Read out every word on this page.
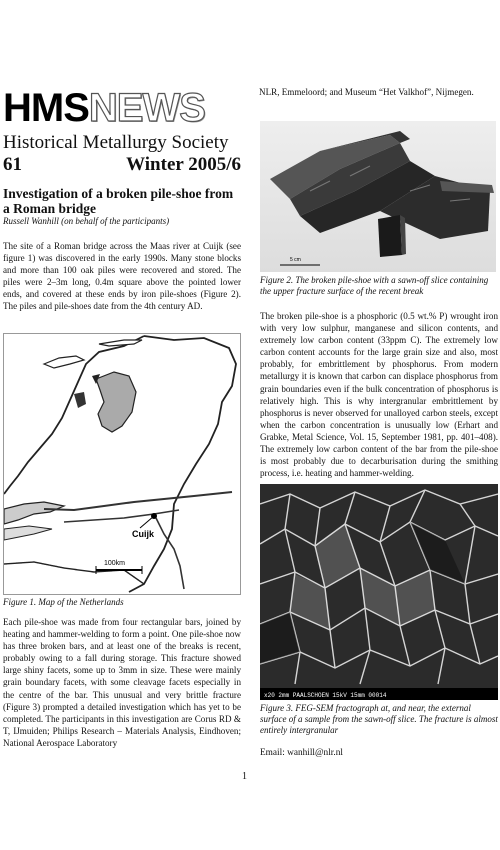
HMSNEWS
Historical Metallurgy Society
61	Winter 2005/6
Investigation of a broken pile-shoe from a Roman bridge
Russell Wanhill (on behalf of the participants)
The site of a Roman bridge across the Maas river at Cuijk (see figure 1) was discovered in the early 1990s. Many stone blocks and more than 100 oak piles were recovered and stored. The piles were 2–3m long, 0.4m square above the pointed lower ends, and covered at these ends by iron pile-shoes (Figure 2). The piles and pile-shoes date from the 4th century AD.
Cuijk
100km
Figure 1. Map of the Netherlands
Each pile-shoe was made from four rectangular bars, joined by heating and hammer-welding to form a point. One pile-shoe now has three broken bars, and at least one of the breaks is recent, probably owing to a fall during storage. This fracture showed large shiny facets, some up to 3mm in size. These were mainly grain boundary facets, with some cleavage facets especially in the centre of the bar. This unusual and very brittle fracture (Figure 3) prompted a detailed investigation which has yet to be completed. The participants in this investigation are Corus RD & T, IJmuiden; Philips Research – Materials Analysis, Eindhoven; National Aerospace Laboratory
NLR, Emmeloord; and Museum “Het Valkhof”, Nijmegen.
5 cm
Figure 2. The broken pile-shoe with a sawn-off slice containing the upper fracture surface of the recent break
The broken pile-shoe is a phosphoric (0.5 wt.% P) wrought iron with very low sulphur, manganese and silicon contents, and extremely low carbon content (33ppm C). The extremely low carbon content accounts for the large grain size and also, most probably, for embrittlement by phosphorus. From modern metallurgy it is known that carbon can displace phosphorus from grain boundaries even if the bulk concentration of phosphorus is relatively high. This is why intergranular embrittlement by phosphorus is never observed for unalloyed carbon steels, except when the carbon concentration is unusually low (Erhart and Grabke, Metal Science, Vol. 15, September 1981, pp. 401–408). The extremely low carbon content of the bar from the pile-shoe is most probably due to decarburisation during the smithing process, i.e. heating and hammer-welding.
x20 2mm PAALSCHOEN 15kV 15mm 00014
Figure 3. FEG-SEM fractograph at, and near, the external surface of a sample from the sawn-off slice. The fracture is almost entirely intergranular
Email: wanhill@nlr.nl
1
